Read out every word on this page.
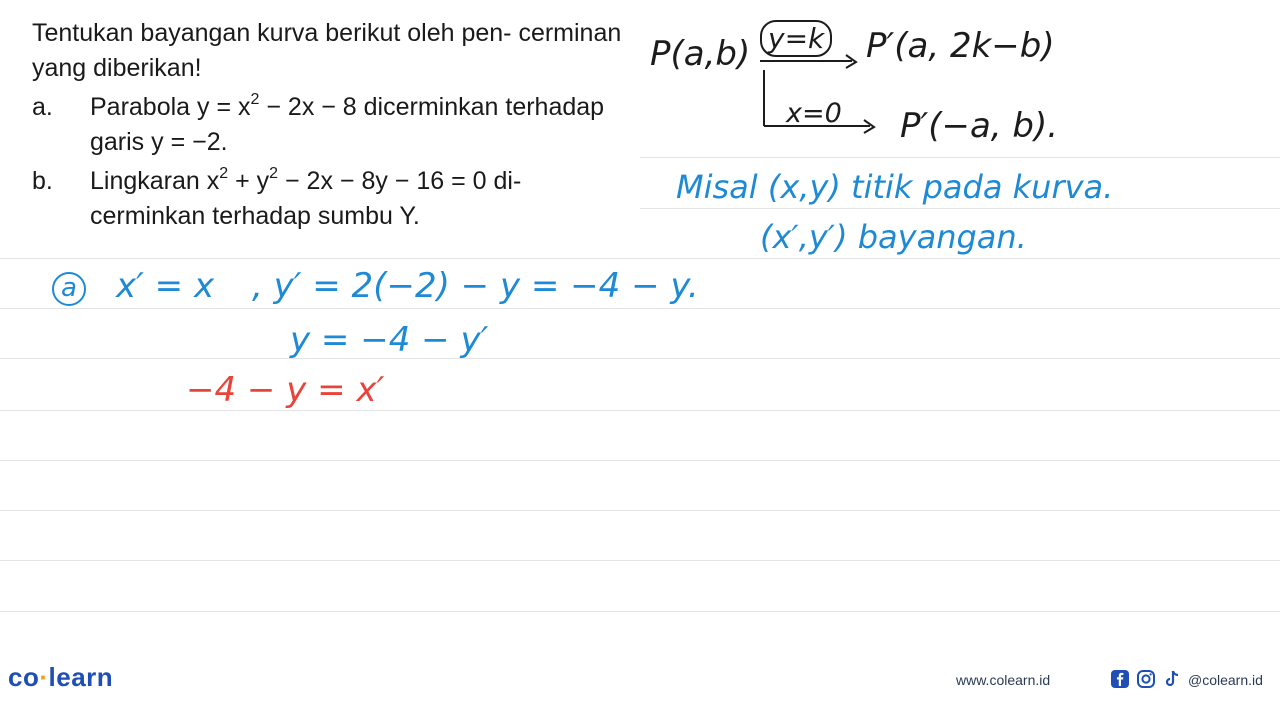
Tentukan bayangan kurva berikut oleh pen- cerminan yang diberikan!

a.	Parabola $y = x^2 - 2x - 8$ dicerminkan terhadap garis y = −2.
b.	Lingkaran $x^2 + y^2 - 2x - 8y - 16 = 0$ di- cerminkan terhadap sumbu Y.
P(a,b) y=k P′(a, 2k−b)
x=0 P′(−a, b).
Misal (x,y) titik pada kurva.
(x′,y′) bayangan.
a x′ = x , y′ = 2(−2) − y = −4 − y.
y = −4 − y′
−4 − y = x′
co·learn	www.colearn.id	@colearn.id
